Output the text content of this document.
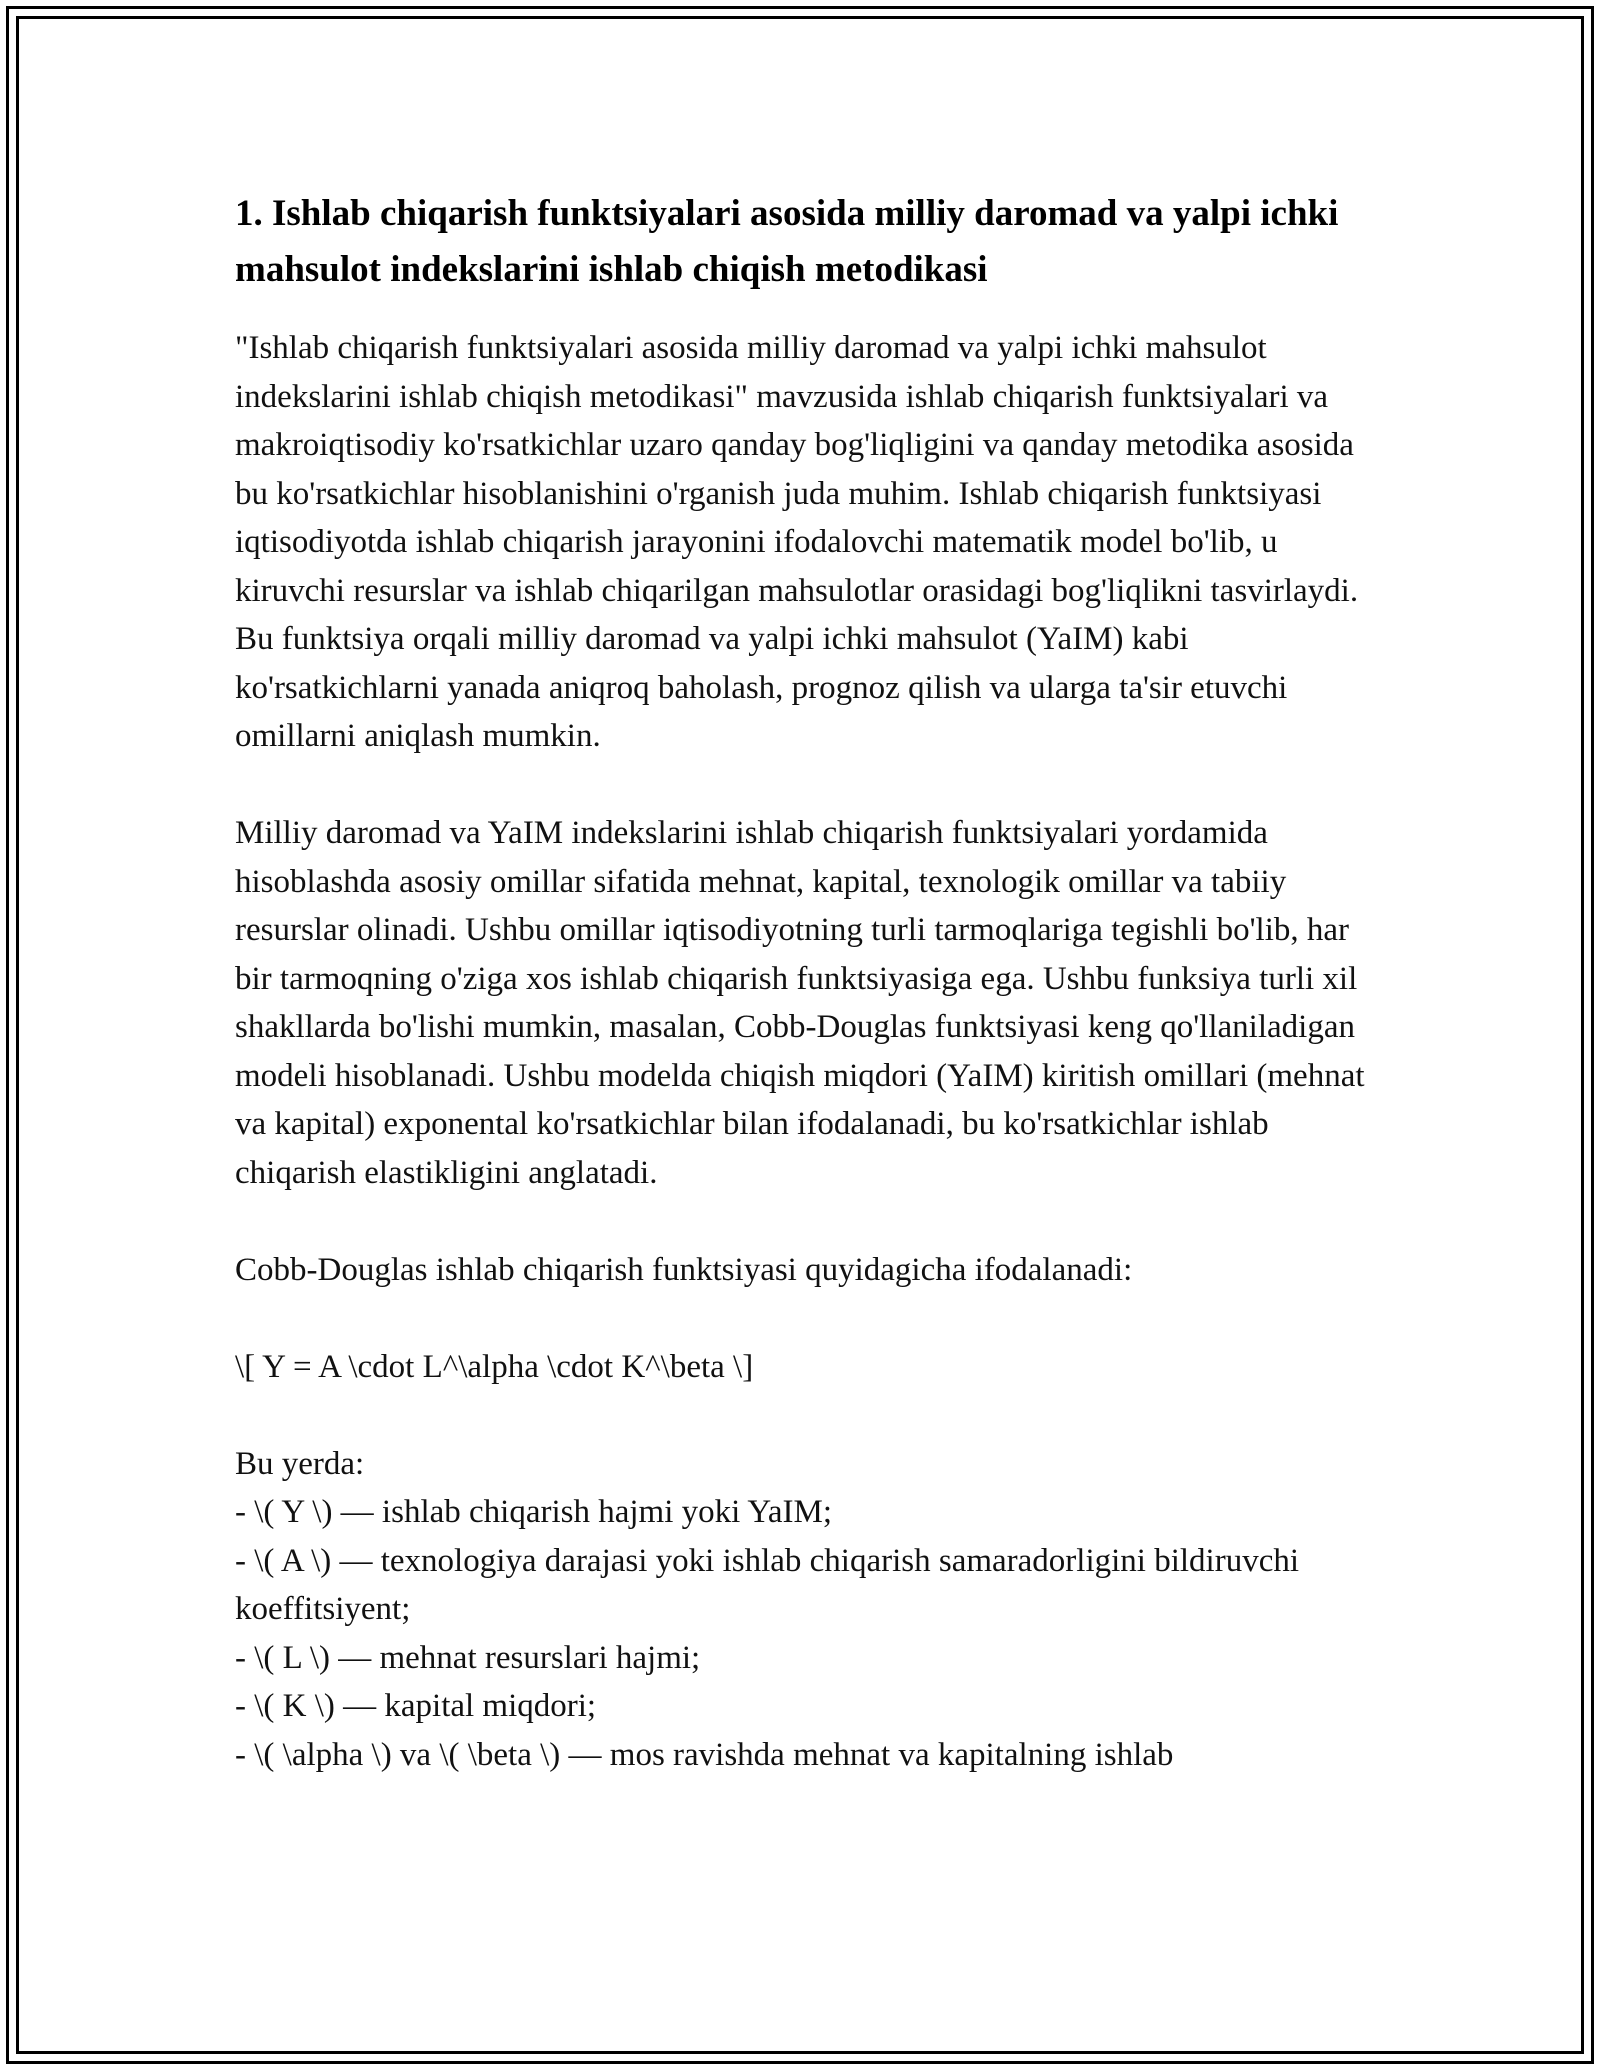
1. Ishlab chiqarish funktsiyalari asosida milliy daromad va yalpi ichki mahsulot indekslarini ishlab chiqish metodikasi

"Ishlab chiqarish funktsiyalari asosida milliy daromad va yalpi ichki mahsulot indekslarini ishlab chiqish metodikasi" mavzusida ishlab chiqarish funktsiyalari va makroiqtisodiy ko'rsatkichlar uzaro qanday bog'liqligini va qanday metodika asosida bu ko'rsatkichlar hisoblanishini o'rganish juda muhim. Ishlab chiqarish funktsiyasi iqtisodiyotda ishlab chiqarish jarayonini ifodalovchi matematik model bo'lib, u kiruvchi resurslar va ishlab chiqarilgan mahsulotlar orasidagi bog'liqlikni tasvirlaydi. Bu funktsiya orqali milliy daromad va yalpi ichki mahsulot (YaIM) kabi ko'rsatkichlarni yanada aniqroq baholash, prognoz qilish va ularga ta'sir etuvchi omillarni aniqlash mumkin.

Milliy daromad va YaIM indekslarini ishlab chiqarish funktsiyalari yordamida hisoblashda asosiy omillar sifatida mehnat, kapital, texnologik omillar va tabiiy resurslar olinadi. Ushbu omillar iqtisodiyotning turli tarmoqlariga tegishli bo'lib, har bir tarmoqning o'ziga xos ishlab chiqarish funktsiyasiga ega. Ushbu funksiya turli xil shakllarda bo'lishi mumkin, masalan, Cobb-Douglas funktsiyasi keng qo'llaniladigan modeli hisoblanadi. Ushbu modelda chiqish miqdori (YaIM) kiritish omillari (mehnat va kapital) exponental ko'rsatkichlar bilan ifodalanadi, bu ko'rsatkichlar ishlab chiqarish elastikligini anglatadi.

Cobb-Douglas ishlab chiqarish funktsiyasi quyidagicha ifodalanadi:

\[ Y = A \cdot L^\alpha \cdot K^\beta \]

Bu yerda:

- \( Y \) — ishlab chiqarish hajmi yoki YaIM;

- \( A \) — texnologiya darajasi yoki ishlab chiqarish samaradorligini bildiruvchi koeffitsiyent;

- \( L \) — mehnat resurslari hajmi;

- \( K \) — kapital miqdori;

- \( \alpha \) va \( \beta \) — mos ravishda mehnat va kapitalning ishlab
